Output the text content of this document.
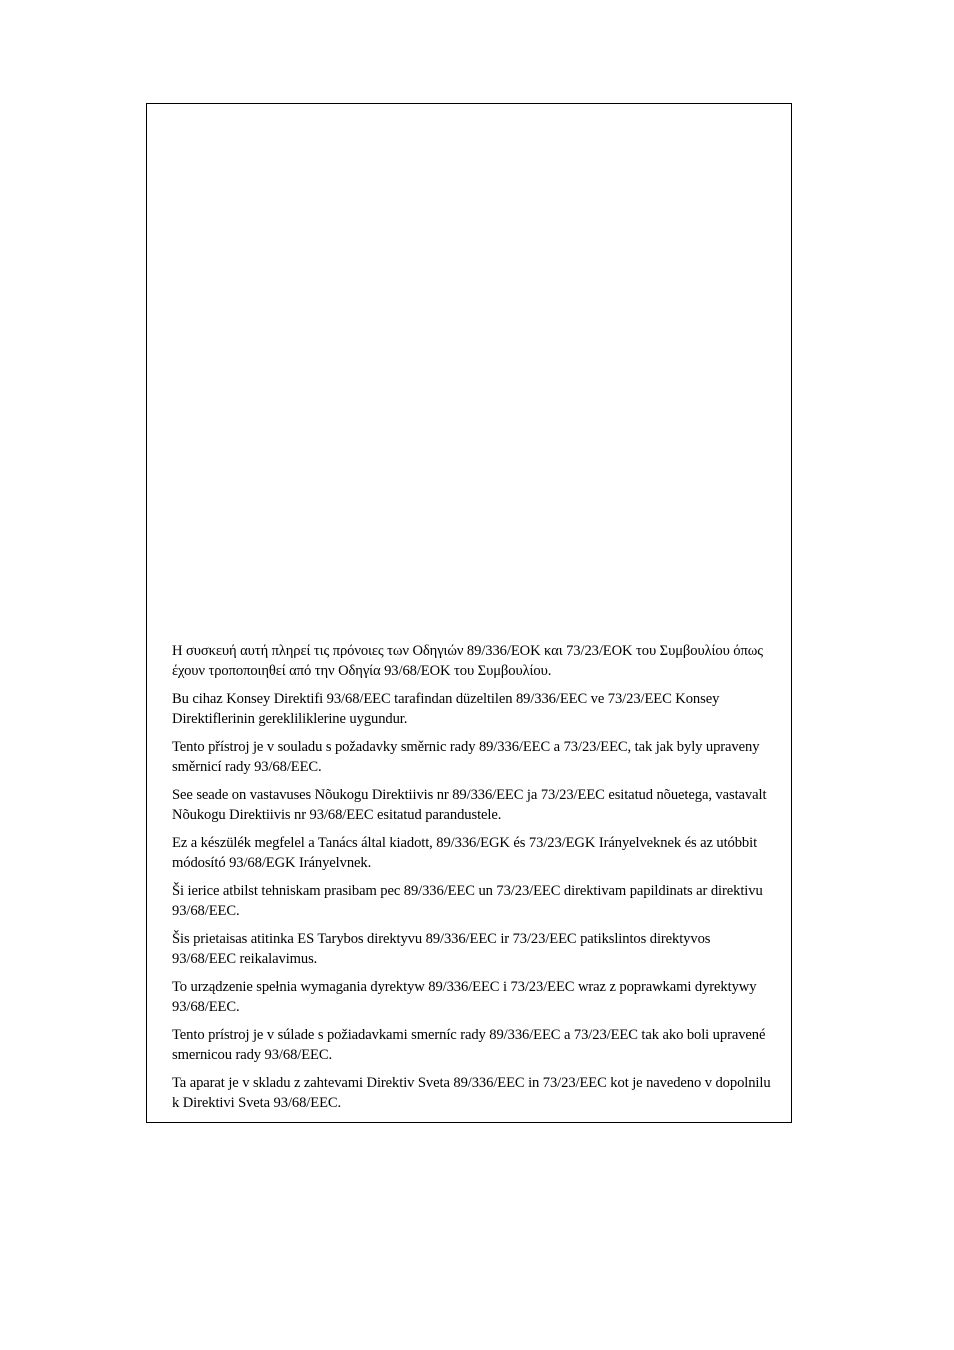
Η συσκευή αυτή πληρεί τις πρόνοιες των Οδηγιών 89/336/ΕΟΚ και 73/23/ΕΟΚ του Συμβουλίου όπως έχουν τροποποιηθεί από την Οδηγία 93/68/ΕΟΚ του Συμβουλίου.

Bu cihaz Konsey Direktifi 93/68/EEC tarafindan düzeltilen 89/336/EEC ve 73/23/EEC Konsey Direktiflerinin gerekliliklerine uygundur.

Tento přístroj je v souladu s požadavky směrnic rady 89/336/EEC a 73/23/EEC, tak jak byly upraveny směrnicí rady 93/68/EEC.

See seade on vastavuses Nõukogu Direktiivis nr 89/336/EEC ja 73/23/EEC esitatud nõuetega, vastavalt Nõukogu Direktiivis nr 93/68/EEC esitatud parandustele.

Ez a készülék megfelel a Tanács által kiadott, 89/336/EGK és 73/23/EGK Irányelveknek és az utóbbit módosító 93/68/EGK Irányelvnek.

Ši ierice atbilst tehniskam prasibam pec 89/336/EEC un 73/23/EEC direktivam papildinats ar direktivu 93/68/EEC.

Šis prietaisas atitinka ES Tarybos direktyvu 89/336/EEC ir 73/23/EEC patikslintos direktyvos 93/68/EEC reikalavimus.

To urządzenie spełnia wymagania dyrektyw 89/336/EEC i 73/23/EEC wraz z poprawkami dyrektywy 93/68/EEC.

Tento prístroj je v súlade s požiadavkami smerníc rady 89/336/EEC a 73/23/EEC tak ako boli upravené smernicou rady 93/68/EEC.

Ta aparat je v skladu z zahtevami Direktiv Sveta 89/336/EEC in 73/23/EEC kot je navedeno v dopolnilu k Direktivi Sveta 93/68/EEC.
